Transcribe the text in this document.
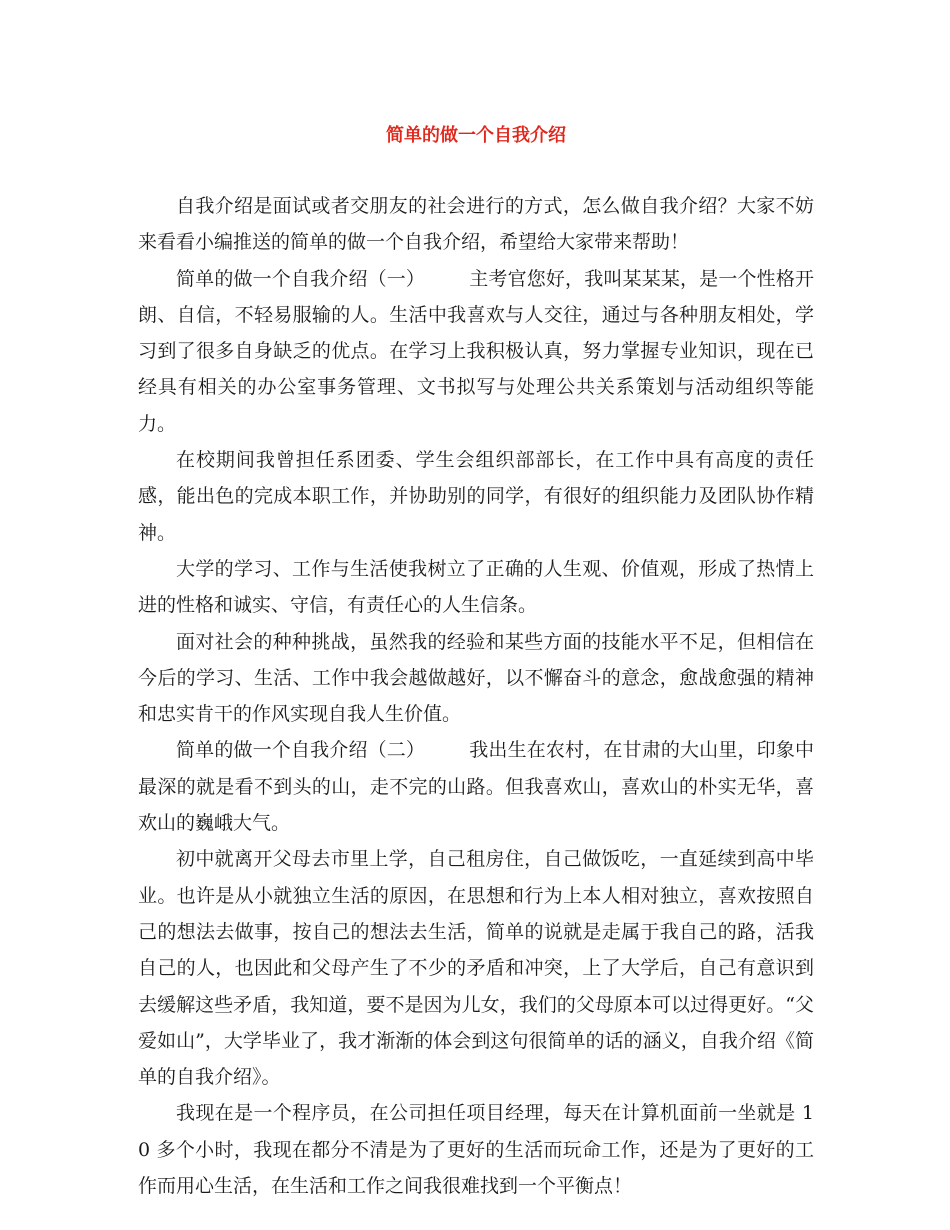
简单的做一个自我介绍

自我介绍是面试或者交朋友的社会进行的方式，怎么做自我介绍？大家不妨来看看小编推送的简单的做一个自我介绍，希望给大家带来帮助！

简单的做一个自我介绍（一） 主考官您好，我叫某某某，是一个性格开朗、自信，不轻易服输的人。生活中我喜欢与人交往，通过与各种朋友相处，学习到了很多自身缺乏的优点。在学习上我积极认真，努力掌握专业知识，现在已经具有相关的办公室事务管理、文书拟写与处理公共关系策划与活动组织等能力。

在校期间我曾担任系团委、学生会组织部部长，在工作中具有高度的责任感，能出色的完成本职工作，并协助别的同学，有很好的组织能力及团队协作精神。

大学的学习、工作与生活使我树立了正确的人生观、价值观，形成了热情上进的性格和诚实、守信，有责任心的人生信条。

面对社会的种种挑战，虽然我的经验和某些方面的技能水平不足，但相信在今后的学习、生活、工作中我会越做越好，以不懈奋斗的意念，愈战愈强的精神和忠实肯干的作风实现自我人生价值。

简单的做一个自我介绍（二） 我出生在农村，在甘肃的大山里，印象中最深的就是看不到头的山，走不完的山路。但我喜欢山，喜欢山的朴实无华，喜欢山的巍峨大气。

初中就离开父母去市里上学，自己租房住，自己做饭吃，一直延续到高中毕业。也许是从小就独立生活的原因，在思想和行为上本人相对独立，喜欢按照自己的想法去做事，按自己的想法去生活，简单的说就是走属于我自己的路，活我自己的人，也因此和父母产生了不少的矛盾和冲突，上了大学后，自己有意识到去缓解这些矛盾，我知道，要不是因为儿女，我们的父母原本可以过得更好。“父爱如山”，大学毕业了，我才渐渐的体会到这句很简单的话的涵义，自我介绍《简单的自我介绍》。

我现在是一个程序员，在公司担任项目经理，每天在计算机面前一坐就是 10 多个小时，我现在都分不清是为了更好的生活而玩命工作，还是为了更好的工作而用心生活，在生活和工作之间我很难找到一个平衡点！
